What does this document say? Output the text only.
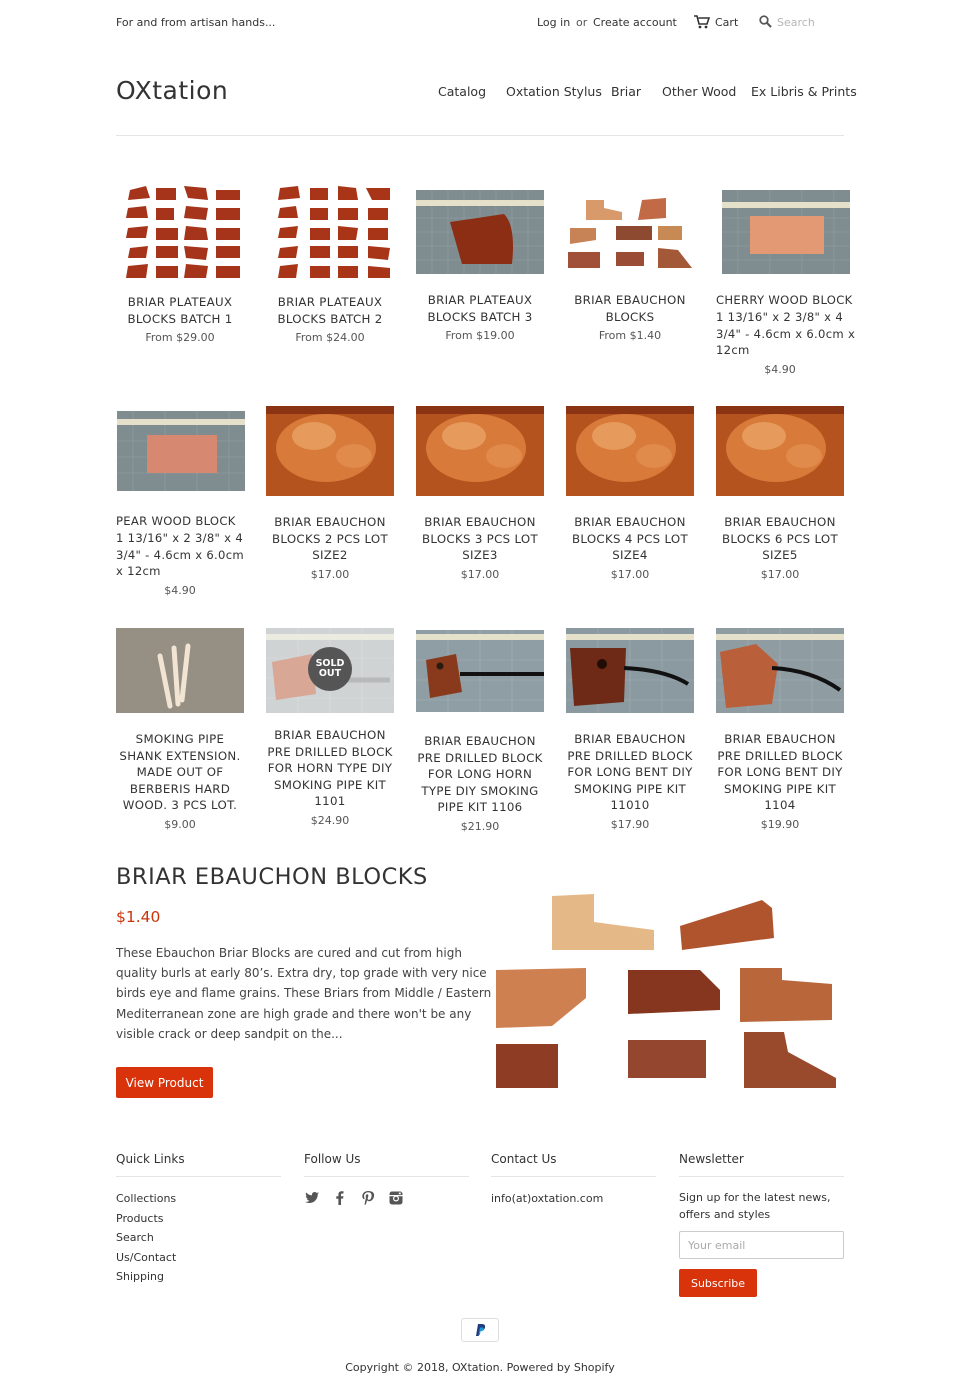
For and from artisan hands...	Log in or Create account	Cart
Search
OXtation	Catalog Oxtation Stylus Briar Other Wood Ex Libris & Prints
BRIAR PLATEAUX BLOCKS BATCH 1
From $29.00
BRIAR PLATEAUX BLOCKS BATCH 2
From $24.00
BRIAR PLATEAUX BLOCKS BATCH 3
From $19.00
BRIAR EBAUCHON BLOCKS
From $1.40
CHERRY WOOD BLOCK 1 13/16" x 2 3/8" x 4 3/4" - 4.6cm x 6.0cm x 12cm
$4.90
PEAR WOOD BLOCK 1 13/16" x 2 3/8" x 4 3/4" - 4.6cm x 6.0cm x 12cm
$4.90
BRIAR EBAUCHON BLOCKS 2 PCS LOT SIZE2
$17.00
BRIAR EBAUCHON BLOCKS 3 PCS LOT SIZE3
$17.00
BRIAR EBAUCHON BLOCKS 4 PCS LOT SIZE4
$17.00
BRIAR EBAUCHON BLOCKS 6 PCS LOT SIZE5
$17.00
SMOKING PIPE SHANK EXTENSION. MADE OUT OF BERBERIS HARD WOOD. 3 PCS LOT.
$9.00
SOLD OUT
BRIAR EBAUCHON PRE DRILLED BLOCK FOR HORN TYPE DIY SMOKING PIPE KIT 1101
$24.90
BRIAR EBAUCHON PRE DRILLED BLOCK FOR LONG HORN TYPE DIY SMOKING PIPE KIT 1106
$21.90
BRIAR EBAUCHON PRE DRILLED BLOCK FOR LONG BENT DIY SMOKING PIPE KIT 11010
$17.90
BRIAR EBAUCHON PRE DRILLED BLOCK FOR LONG BENT DIY SMOKING PIPE KIT 1104
$19.90
BRIAR EBAUCHON BLOCKS
$1.40
These Ebauchon Briar Blocks are cured and cut from high quality burls at early 80’s. Extra dry, top grade with very nice birds eye and flame grains. These Briars from Middle / Eastern Mediterranean zone are high grade and there won't be any visible crack or deep sandpit on the...
View Product
Quick Links
Collections
Products
Search
Us/Contact
Shipping
Follow Us	Contact Us
info(at)oxtation.com
Newsletter
Sign up for the latest news, offers and styles
Your email Subscribe
Copyright © 2018, OXtation. Powered by Shopify
